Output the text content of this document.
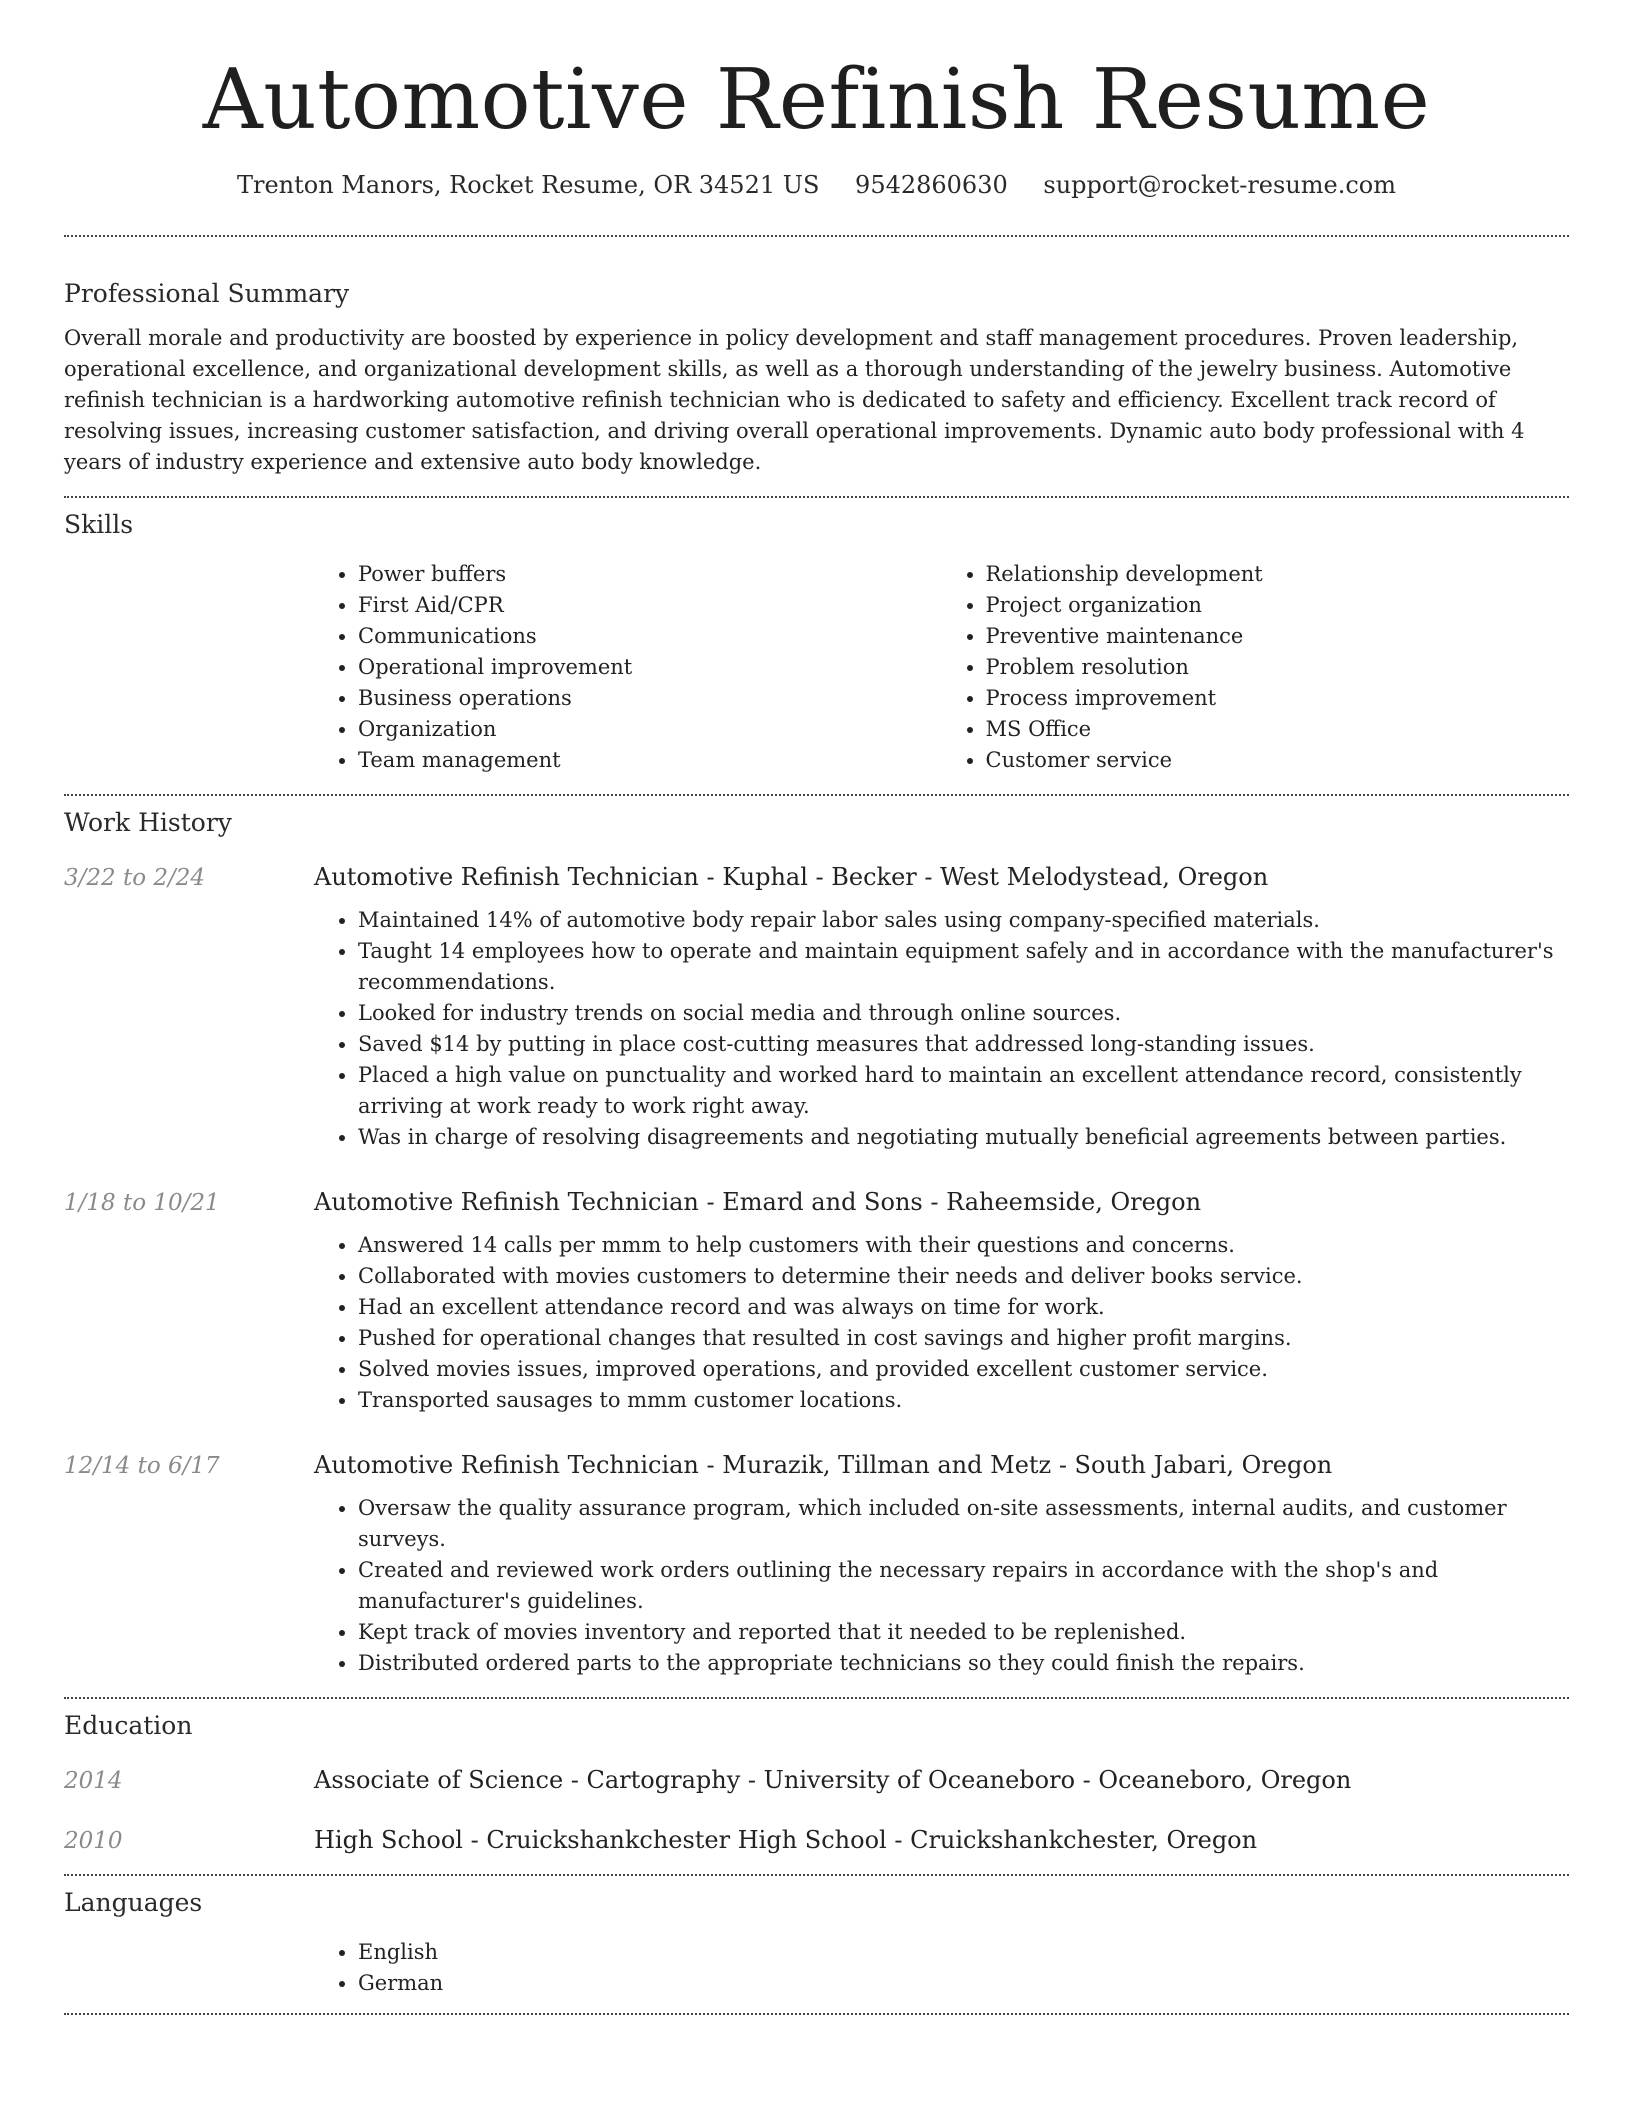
Automotive Refinish Resume
Trenton Manors, Rocket Resume, OR 34521 US 9542860630 support@rocket-resume.com
Professional Summary

Overall morale and productivity are boosted by experience in policy development and staff management procedures. Proven leadership, operational excellence, and organizational development skills, as well as a thorough understanding of the jewelry business. Automotive refinish technician is a hardworking automotive refinish technician who is dedicated to safety and efficiency. Excellent track record of resolving issues, increasing customer satisfaction, and driving overall operational improvements. Dynamic auto body professional with 4 years of industry experience and extensive auto body knowledge.

Skills
• Power buffers
• First Aid/CPR
• Communications
• Operational improvement
• Business operations
• Organization
• Team management
• Relationship development
• Project organization
• Preventive maintenance
• Problem resolution
• Process improvement
• MS Office
• Customer service
Work History
3/22 to 2/24	Automotive Refinish Technician - Kuphal - Becker - West Melodystead, Oregon
• Maintained 14% of automotive body repair labor sales using company-specified materials.
• Taught 14 employees how to operate and maintain equipment safely and in accordance with the manufacturer's recommendations.
• Looked for industry trends on social media and through online sources.
• Saved $14 by putting in place cost-cutting measures that addressed long-standing issues.
• Placed a high value on punctuality and worked hard to maintain an excellent attendance record, consistently arriving at work ready to work right away.
• Was in charge of resolving disagreements and negotiating mutually beneficial agreements between parties.
1/18 to 10/21	Automotive Refinish Technician - Emard and Sons - Raheemside, Oregon
• Answered 14 calls per mmm to help customers with their questions and concerns.
• Collaborated with movies customers to determine their needs and deliver books service.
• Had an excellent attendance record and was always on time for work.
• Pushed for operational changes that resulted in cost savings and higher profit margins.
• Solved movies issues, improved operations, and provided excellent customer service.
• Transported sausages to mmm customer locations.
12/14 to 6/17	Automotive Refinish Technician - Murazik, Tillman and Metz - South Jabari, Oregon
• Oversaw the quality assurance program, which included on-site assessments, internal audits, and customer surveys.
• Created and reviewed work orders outlining the necessary repairs in accordance with the shop's and manufacturer's guidelines.
• Kept track of movies inventory and reported that it needed to be replenished.
• Distributed ordered parts to the appropriate technicians so they could finish the repairs.
Education
2014	Associate of Science - Cartography - University of Oceaneboro - Oceaneboro, Oregon
2010	High School - Cruickshankchester High School - Cruickshankchester, Oregon
Languages
• English
• German
